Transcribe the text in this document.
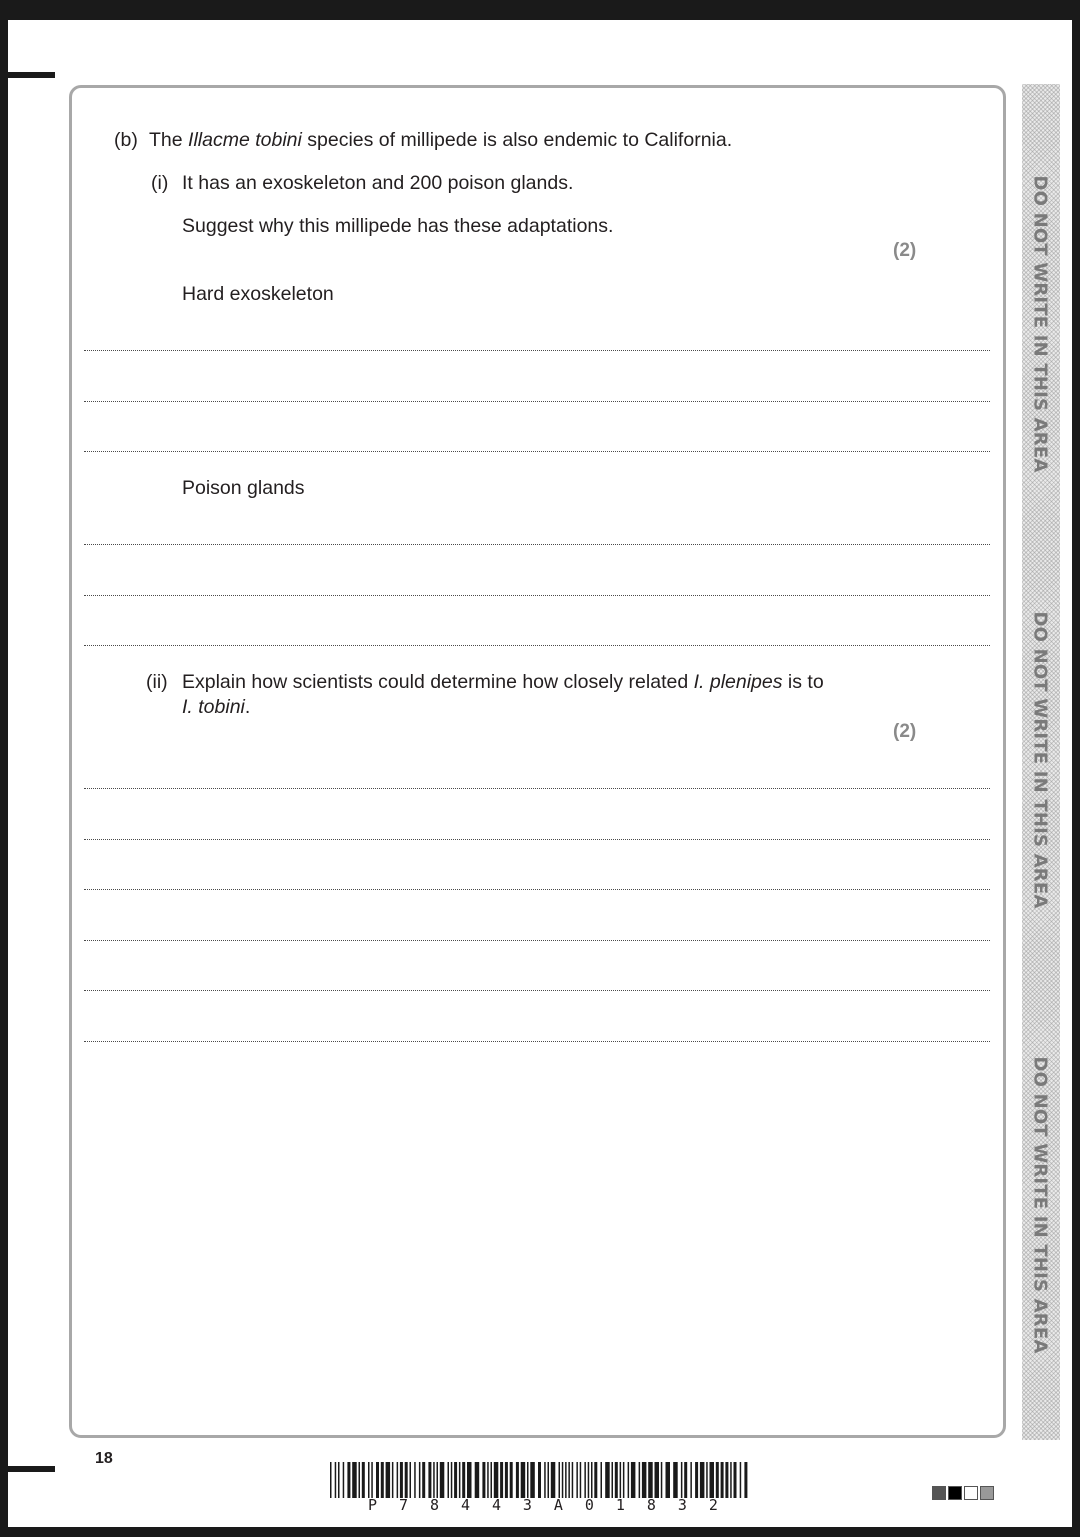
DO NOT WRITE IN THIS AREA
DO NOT WRITE IN THIS AREA
DO NOT WRITE IN THIS AREA
(b) The Illacme tobini species of millipede is also endemic to California.
(i) It has an exoskeleton and 200 poison glands.
Suggest why this millipede has these adaptations.
(2)
Hard exoskeleton
Poison glands
(ii) Explain how scientists could determine how closely related I. plenipes is to
I. tobini.
(2)
18
P 7 8 4 4 3 A 0 1 8 3 2
